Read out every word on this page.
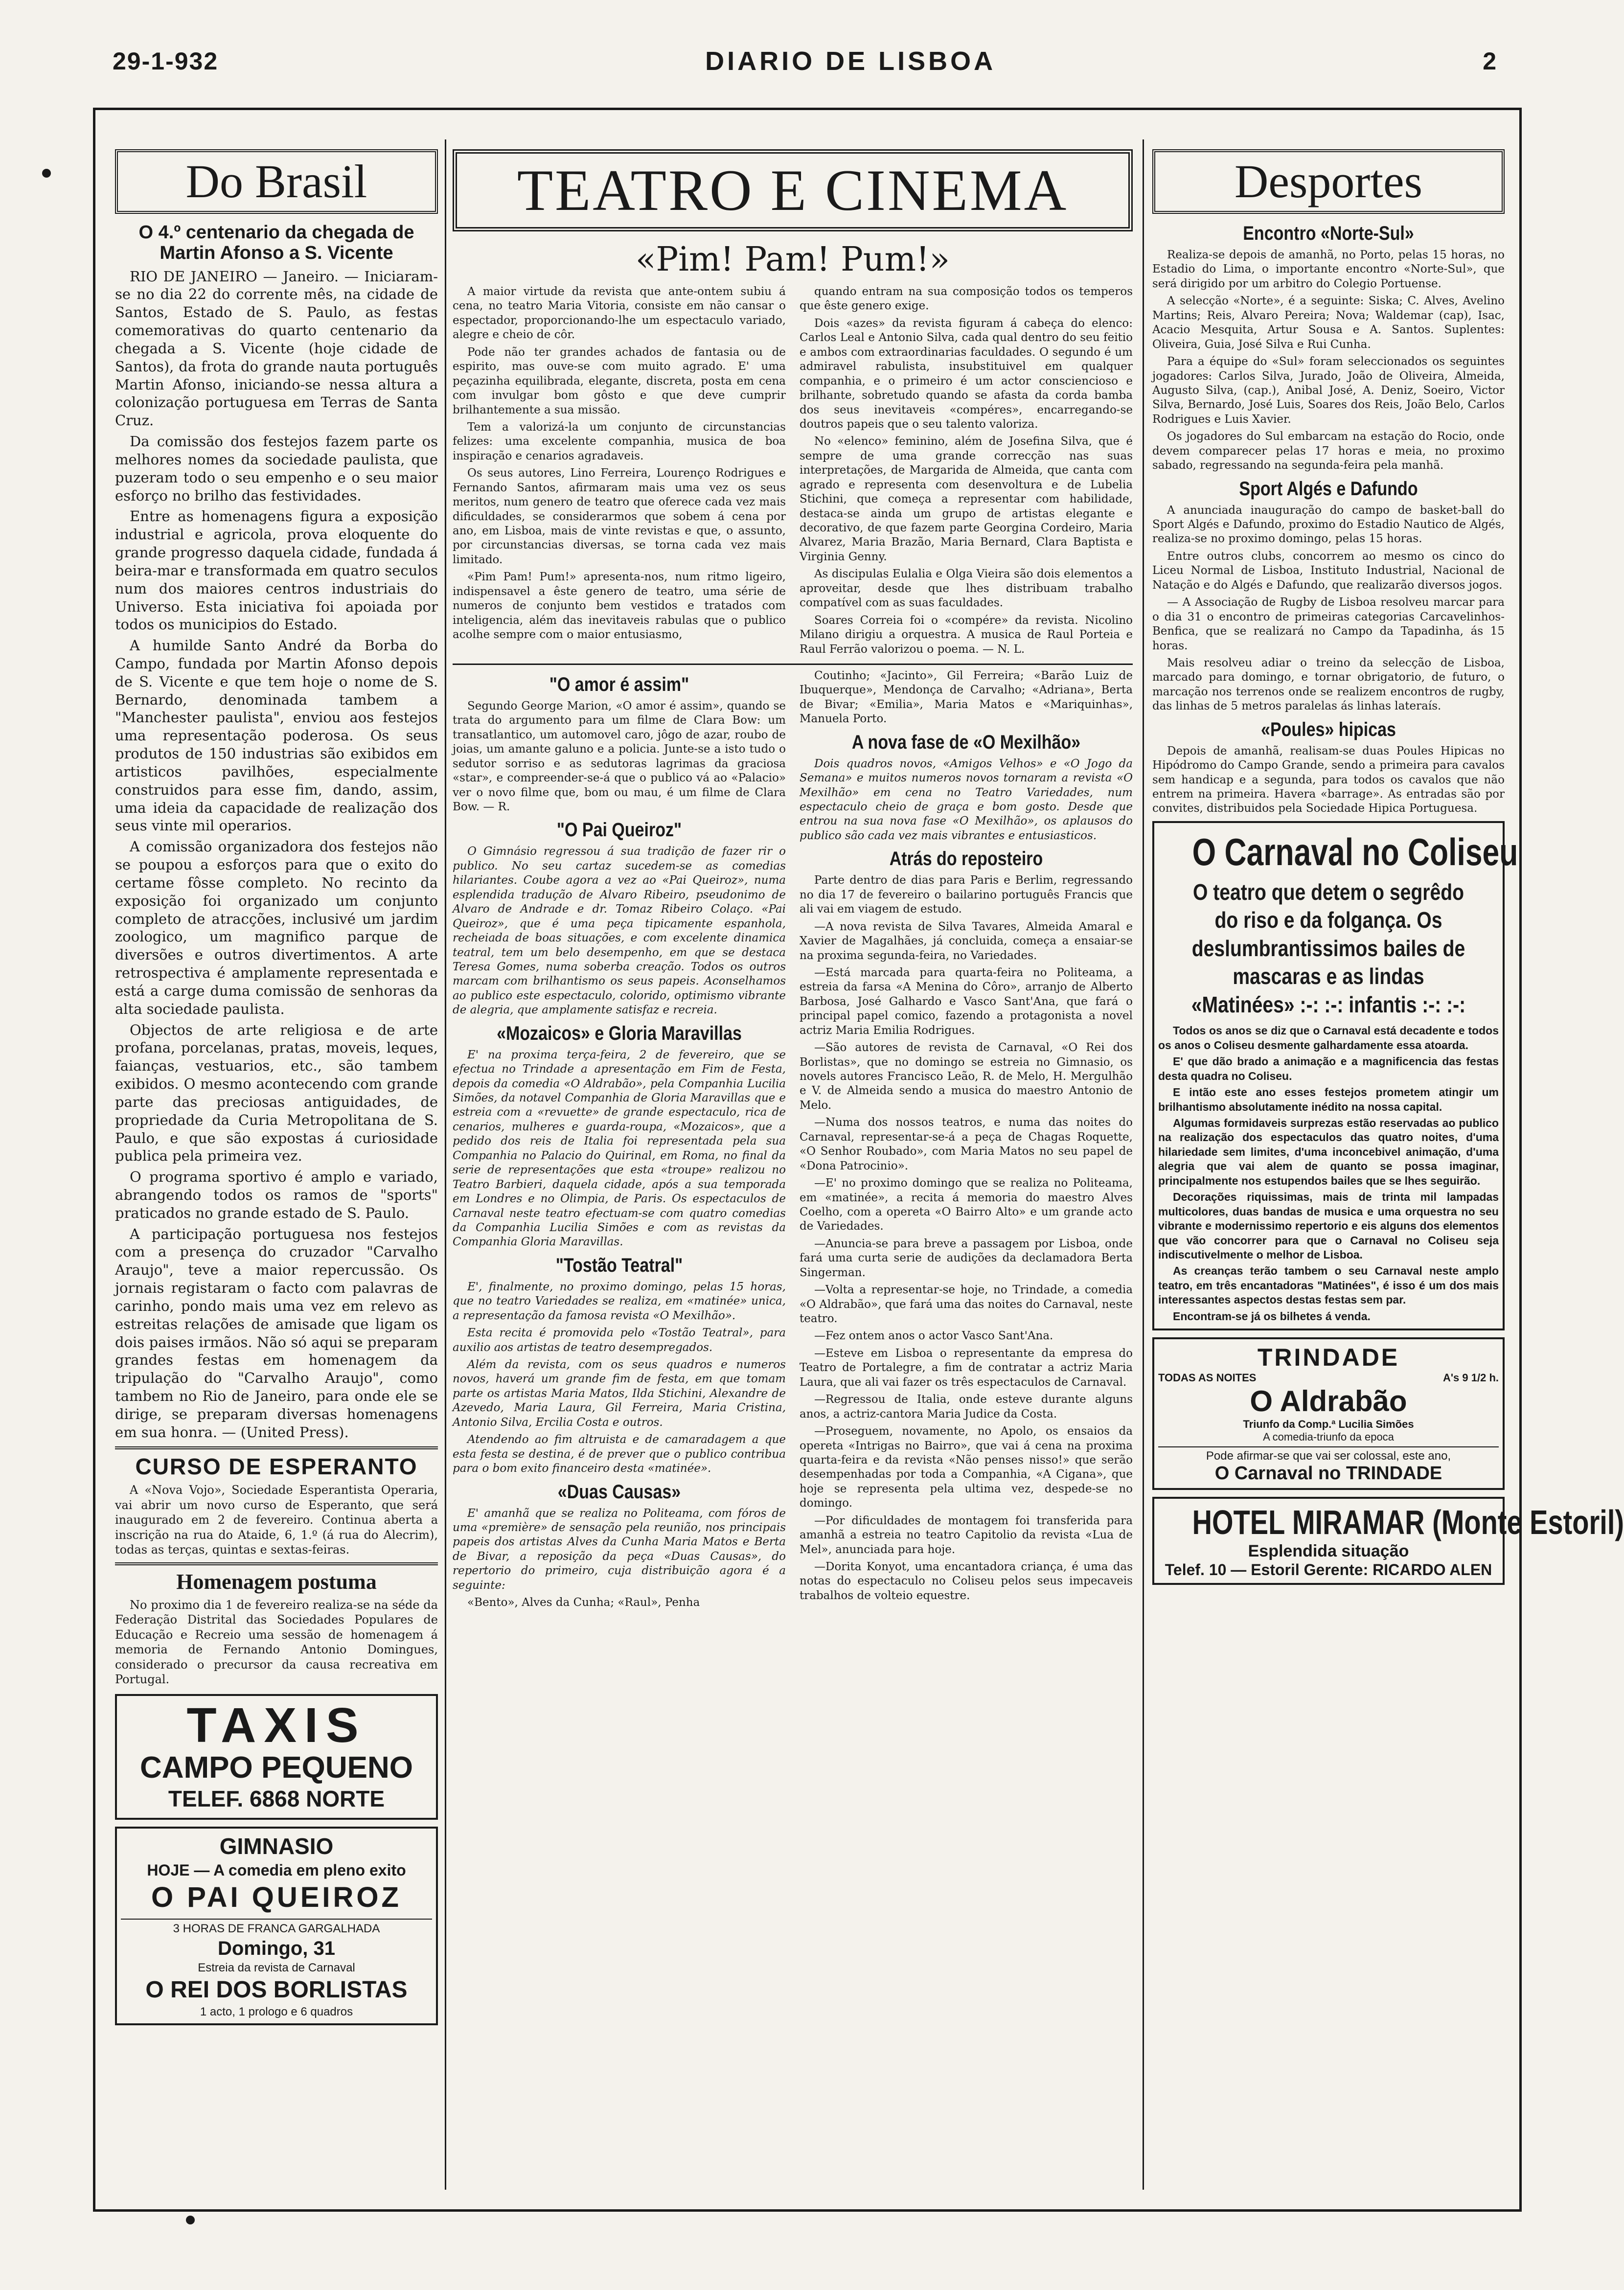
29-1-932	DIARIO DE LISBOA	2
Do Brasil
O 4.º centenario da chegada de Martin Afonso a S. Vicente

RIO DE JANEIRO — Janeiro. — Iniciaram-se no dia 22 do corrente mês, na cidade de Santos, Estado de S. Paulo, as festas comemorativas do quarto centenario da chegada a S. Vicente (hoje cidade de Santos), da frota do grande nauta português Martin Afonso, iniciando-se nessa altura a colonização portuguesa em Terras de Santa Cruz.

Da comissão dos festejos fazem parte os melhores nomes da sociedade paulista, que puzeram todo o seu empenho e o seu maior esforço no brilho das festividades.

Entre as homenagens figura a exposição industrial e agricola, prova eloquente do grande progresso daquela cidade, fundada á beira-mar e transformada em quatro seculos num dos maiores centros industriais do Universo. Esta iniciativa foi apoiada por todos os municipios do Estado.

A humilde Santo André da Borba do Campo, fundada por Martin Afonso depois de S. Vicente e que tem hoje o nome de S. Bernardo, denominada tambem a "Manchester paulista", enviou aos festejos uma representação poderosa. Os seus produtos de 150 industrias são exibidos em artisticos pavilhões, especialmente construidos para esse fim, dando, assim, uma ideia da capacidade de realização dos seus vinte mil operarios.

A comissão organizadora dos festejos não se poupou a esforços para que o exito do certame fôsse completo. No recinto da exposição foi organizado um conjunto completo de atracções, inclusivé um jardim zoologico, um magnifico parque de diversões e outros divertimentos. A arte retrospectiva é amplamente representada e está a carge duma comissão de senhoras da alta sociedade paulista.

Objectos de arte religiosa e de arte profana, porcelanas, pratas, moveis, leques, faianças, vestuarios, etc., são tambem exibidos. O mesmo acontecendo com grande parte das preciosas antiguidades, de propriedade da Curia Metropolitana de S. Paulo, e que são expostas á curiosidade publica pela primeira vez.

O programa sportivo é amplo e variado, abrangendo todos os ramos de "sports" praticados no grande estado de S. Paulo.

A participação portuguesa nos festejos com a presença do cruzador "Carvalho Araujo", teve a maior repercussão. Os jornais registaram o facto com palavras de carinho, pondo mais uma vez em relevo as estreitas relações de amisade que ligam os dois paises irmãos. Não só aqui se preparam grandes festas em homenagem da tripulação do "Carvalho Araujo", como tambem no Rio de Janeiro, para onde ele se dirige, se preparam diversas homenagens em sua honra. — (United Press).

CURSO DE ESPERANTO

A «Nova Vojo», Sociedade Esperantista Operaria, vai abrir um novo curso de Esperanto, que será inaugurado em 2 de fevereiro. Continua aberta a inscrição na rua do Ataide, 6, 1.º (á rua do Alecrim), todas as terças, quintas e sextas-feiras.

Homenagem postuma

No proximo dia 1 de fevereiro realiza-se na séde da Federação Distrital das Sociedades Populares de Educação e Recreio uma sessão de homenagem á memoria de Fernando Antonio Domingues, considerado o precursor da causa recreativa em Portugal.

TAXIS
CAMPO PEQUENO
TELEF. 6868 NORTE
GIMNASIO
HOJE — A comedia em pleno exito
O PAI QUEIROZ
3 HORAS DE FRANCA GARGALHADA
Domingo, 31
Estreia da revista de Carnaval
O REI DOS BORLISTAS
1 acto, 1 prologo e 6 quadros
TEATRO E CINEMA
«Pim! Pam! Pum!»

A maior virtude da revista que ante-ontem subiu á cena, no teatro Maria Vitoria, consiste em não cansar o espectador, proporcionando-lhe um espectaculo variado, alegre e cheio de côr.

Pode não ter grandes achados de fantasia ou de espirito, mas ouve-se com muito agrado. E' uma peçazinha equilibrada, elegante, discreta, posta em cena com invulgar bom gôsto e que deve cumprir brilhantemente a sua missão.

Tem a valorizá-la um conjunto de circunstancias felizes: uma excelente companhia, musica de boa inspiração e cenarios agradaveis.

Os seus autores, Lino Ferreira, Lourenço Rodrigues e Fernando Santos, afirmaram mais uma vez os seus meritos, num genero de teatro que oferece cada vez mais dificuldades, se considerarmos que sobem á cena por ano, em Lisboa, mais de vinte revistas e que, o assunto, por circunstancias diversas, se torna cada vez mais limitado.

«Pim Pam! Pum!» apresenta-nos, num ritmo ligeiro, indispensavel a êste genero de teatro, uma série de numeros de conjunto bem vestidos e tratados com inteligencia, além das inevitaveis rabulas que o publico acolhe sempre com o maior entusiasmo,

quando entram na sua composição todos os temperos que êste genero exige.

Dois «azes» da revista figuram á cabeça do elenco: Carlos Leal e Antonio Silva, cada qual dentro do seu feitio e ambos com extraordinarias faculdades. O segundo é um admiravel rabulista, insubstituivel em qualquer companhia, e o primeiro é um actor consciencioso e brilhante, sobretudo quando se afasta da corda bamba dos seus inevitaveis «compéres», encarregando-se doutros papeis que o seu talento valoriza.

No «elenco» feminino, além de Josefina Silva, que é sempre de uma grande correcção nas suas interpretações, de Margarida de Almeida, que canta com agrado e representa com desenvoltura e de Lubelia Stichini, que começa a representar com habilidade, destaca-se ainda um grupo de artistas elegante e decorativo, de que fazem parte Georgina Cordeiro, Maria Alvarez, Maria Brazão, Maria Bernard, Clara Baptista e Virginia Genny.

As discipulas Eulalia e Olga Vieira são dois elementos a aproveitar, desde que lhes distribuam trabalho compatível com as suas faculdades.

Soares Correia foi o «compére» da revista. Nicolino Milano dirigiu a orquestra. A musica de Raul Porteia e Raul Ferrão valorizou o poema. — N. L.

"O amor é assim"

Segundo George Marion, «O amor é assim», quando se trata do argumento para um filme de Clara Bow: um transatlantico, um automovel caro, jôgo de azar, roubo de joias, um amante galuno e a policia. Junte-se a isto tudo o sedutor sorriso e as sedutoras lagrimas da graciosa «star», e compreender-se-á que o publico vá ao «Palacio» ver o novo filme que, bom ou mau, é um filme de Clara Bow. — R.

"O Pai Queiroz"

O Gimnásio regressou á sua tradição de fazer rir o publico. No seu cartaz sucedem-se as comedias hilariantes. Coube agora a vez ao «Pai Queiroz», numa esplendida tradução de Alvaro Ribeiro, pseudonimo de Alvaro de Andrade e dr. Tomaz Ribeiro Colaço. «Pai Queiroz», que é uma peça tipicamente espanhola, recheiada de boas situações, e com excelente dinamica teatral, tem um belo desempenho, em que se destaca Teresa Gomes, numa soberba creação. Todos os outros marcam com brilhantismo os seus papeis. Aconselhamos ao publico este espectaculo, colorido, optimismo vibrante de alegria, que amplamente satisfaz e recreia.

«Mozaicos» e Gloria Maravillas

E' na proxima terça-feira, 2 de fevereiro, que se efectua no Trindade a apresentação em Fim de Festa, depois da comedia «O Aldrabão», pela Companhia Lucilia Simões, da notavel Companhia de Gloria Maravillas que e estreia com a «revuette» de grande espectaculo, rica de cenarios, mulheres e guarda-roupa, «Mozaicos», que a pedido dos reis de Italia foi representada pela sua Companhia no Palacio do Quirinal, em Roma, no final da serie de representações que esta «troupe» realizou no Teatro Barbieri, daquela cidade, após a sua temporada em Londres e no Olimpia, de Paris. Os espectaculos de Carnaval neste teatro efectuam-se com quatro comedias da Companhia Lucilia Simões e com as revistas da Companhia Gloria Maravillas.

"Tostão Teatral"

E', finalmente, no proximo domingo, pelas 15 horas, que no teatro Variedades se realiza, em «matinée» unica, a representação da famosa revista «O Mexilhão».

Esta recita é promovida pelo «Tostão Teatral», para auxilio aos artistas de teatro desempregados.

Além da revista, com os seus quadros e numeros novos, haverá um grande fim de festa, em que tomam parte os artistas Maria Matos, Ilda Stichini, Alexandre de Azevedo, Maria Laura, Gil Ferreira, Maria Cristina, Antonio Silva, Ercilia Costa e outros.

Atendendo ao fim altruista e de camaradagem a que esta festa se destina, é de prever que o publico contribua para o bom exito financeiro desta «matinée».

«Duas Causas»

E' amanhã que se realiza no Politeama, com fóros de uma «première» de sensação pela reunião, nos principais papeis dos artistas Alves da Cunha Maria Matos e Berta de Bivar, a reposição da peça «Duas Causas», do repertorio do primeiro, cuja distribuição agora é a seguinte:

«Bento», Alves da Cunha; «Raul», Penha

Coutinho; «Jacinto», Gil Ferreira; «Barão Luiz de Ibuquerque», Mendonça de Carvalho; «Adriana», Berta de Bivar; «Emilia», Maria Matos e «Mariquinhas», Manuela Porto.

A nova fase de «O Mexilhão»

Dois quadros novos, «Amigos Velhos» e «O Jogo da Semana» e muitos numeros novos tornaram a revista «O Mexilhão» em cena no Teatro Variedades, num espectaculo cheio de graça e bom gosto. Desde que entrou na sua nova fase «O Mexilhão», os aplausos do publico são cada vez mais vibrantes e entusiasticos.

Atrás do reposteiro

Parte dentro de dias para Paris e Berlim, regressando no dia 17 de fevereiro o bailarino português Francis que ali vai em viagem de estudo.

—A nova revista de Silva Tavares, Almeida Amaral e Xavier de Magalhães, já concluida, começa a ensaiar-se na proxima segunda-feira, no Variedades.

—Está marcada para quarta-feira no Politeama, a estreia da farsa «A Menina do Côro», arranjo de Alberto Barbosa, José Galhardo e Vasco Sant'Ana, que fará o principal papel comico, fazendo a protagonista a novel actriz Maria Emilia Rodrigues.

—São autores de revista de Carnaval, «O Rei dos Borlistas», que no domingo se estreia no Gimnasio, os novels autores Francisco Leão, R. de Melo, H. Mergulhão e V. de Almeida sendo a musica do maestro Antonio de Melo.

—Numa dos nossos teatros, e numa das noites do Carnaval, representar-se-á a peça de Chagas Roquette, «O Senhor Roubado», com Maria Matos no seu papel de «Dona Patrocinio».

—E' no proximo domingo que se realiza no Politeama, em «matinée», a recita á memoria do maestro Alves Coelho, com a opereta «O Bairro Alto» e um grande acto de Variedades.

—Anuncia-se para breve a passagem por Lisboa, onde fará uma curta serie de audições da declamadora Berta Singerman.

—Volta a representar-se hoje, no Trindade, a comedia «O Aldrabão», que fará uma das noites do Carnaval, neste teatro.

—Fez ontem anos o actor Vasco Sant'Ana.

—Esteve em Lisboa o representante da empresa do Teatro de Portalegre, a fim de contratar a actriz Maria Laura, que ali vai fazer os três espectaculos de Carnaval.

—Regressou de Italia, onde esteve durante alguns anos, a actriz-cantora Maria Judice da Costa.

—Proseguem, novamente, no Apolo, os ensaios da opereta «Intrigas no Bairro», que vai á cena na proxima quarta-feira e da revista «Não penses nisso!» que serão desempenhadas por toda a Companhia, «A Cigana», que hoje se representa pela ultima vez, despede-se no domingo.

—Por dificuldades de montagem foi transferida para amanhã a estreia no teatro Capitolio da revista «Lua de Mel», anunciada para hoje.

—Dorita Konyot, uma encantadora criança, é uma das notas do espectaculo no Coliseu pelos seus impecaveis trabalhos de volteio equestre.

Desportes
Encontro «Norte-Sul»

Realiza-se depois de amanhã, no Porto, pelas 15 horas, no Estadio do Lima, o importante encontro «Norte-Sul», que será dirigido por um arbitro do Colegio Portuense.

A selecção «Norte», é a seguinte: Siska; C. Alves, Avelino Martins; Reis, Alvaro Pereira; Nova; Waldemar (cap), Isac, Acacio Mesquita, Artur Sousa e A. Santos. Suplentes: Oliveira, Guia, José Silva e Rui Cunha.

Para a équipe do «Sul» foram seleccionados os seguintes jogadores: Carlos Silva, Jurado, João de Oliveira, Almeida, Augusto Silva, (cap.), Anibal José, A. Deniz, Soeiro, Victor Silva, Bernardo, José Luis, Soares dos Reis, João Belo, Carlos Rodrigues e Luis Xavier.

Os jogadores do Sul embarcam na estação do Rocio, onde devem comparecer pelas 17 horas e meia, no proximo sabado, regressando na segunda-feira pela manhã.

Sport Algés e Dafundo

A anunciada inauguração do campo de basket-ball do Sport Algés e Dafundo, proximo do Estadio Nautico de Algés, realiza-se no proximo domingo, pelas 15 horas.

Entre outros clubs, concorrem ao mesmo os cinco do Liceu Normal de Lisboa, Instituto Industrial, Nacional de Natação e do Algés e Dafundo, que realizarão diversos jogos.

— A Associação de Rugby de Lisboa resolveu marcar para o dia 31 o encontro de primeiras categorias Carcavelinhos-Benfica, que se realizará no Campo da Tapadinha, ás 15 horas.

Mais resolveu adiar o treino da selecção de Lisboa, marcado para domingo, e tornar obrigatorio, de futuro, o marcação nos terrenos onde se realizem encontros de rugby, das linhas de 5 metros paralelas ás linhas lateraís.

«Poules» hipicas

Depois de amanhã, realisam-se duas Poules Hipicas no Hipódromo do Campo Grande, sendo a primeira para cavalos sem handicap e a segunda, para todos os cavalos que não entrem na primeira. Havera «barrage». As entradas são por convites, distribuidos pela Sociedade Hipica Portuguesa.

O Carnaval no Coliseu
O teatro que detem o segrêdo do riso e da folgança. Os deslumbrantissimos bailes de mascaras e as lindas «Matinées» :-: :-: infantis :-: :-:

Todos os anos se diz que o Carnaval está decadente e todos os anos o Coliseu desmente galhardamente essa atoarda.

E' que dão brado a animação e a magnificencia das festas desta quadra no Coliseu.

E intão este ano esses festejos prometem atingir um brilhantismo absolutamente inédito na nossa capital.

Algumas formidaveis surprezas estão reservadas ao publico na realização dos espectaculos das quatro noites, d'uma hilariedade sem limites, d'uma inconcebivel animação, d'uma alegria que vai alem de quanto se possa imaginar, principalmente nos estupendos bailes que se lhes seguirão.

Decorações riquissimas, mais de trinta mil lampadas multicolores, duas bandas de musica e uma orquestra no seu vibrante e modernissimo repertorio e eis alguns dos elementos que vão concorrer para que o Carnaval no Coliseu seja indiscutivelmente o melhor de Lisboa.

As creanças terão tambem o seu Carnaval neste amplo teatro, em três encantadoras "Matinées", é isso é um dos mais interessantes aspectos destas festas sem par.

Encontram-se já os bilhetes á venda.

TRINDADE
TODAS AS NOITES	A's 9 1/2 h.
O Aldrabão
Triunfo da Comp.ª Lucilia Simões
A comedia-triunfo da epoca
Pode afirmar-se que vai ser colossal, este ano,
O Carnaval no TRINDADE
HOTEL MIRAMAR (Monte Estoril)
Esplendida situação
Telef. 10 — Estoril Gerente: RICARDO ALEN
